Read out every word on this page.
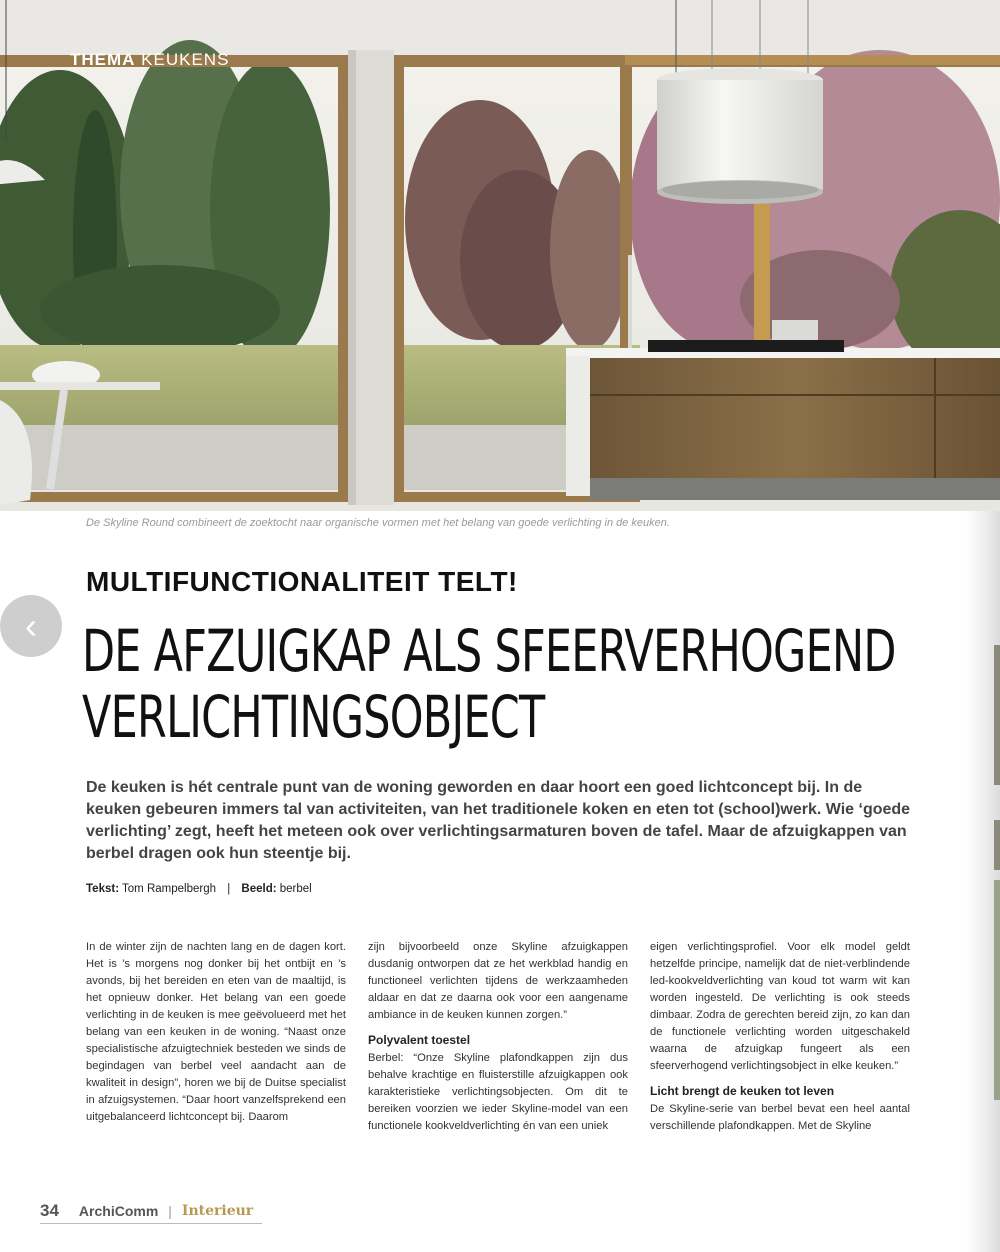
THEMA KEUKENS
De Skyline Round combineert de zoektocht naar organische vormen met het belang van goede verlichting in de keuken.
MULTIFUNCTIONALITEIT TELT!
‹ DE AFZUIGKAP ALS SFEERVERHOGEND
VERLICHTINGSOBJECT
De keuken is hét centrale punt van de woning geworden en daar hoort een goed lichtconcept bij. In de keuken gebeuren immers tal van activiteiten, van het traditionele koken en eten tot (school)werk. Wie ‘goede verlichting’ zegt, heeft het meteen ook over verlichtingsarmaturen boven de tafel. Maar de afzuigkappen van berbel dragen ook hun steentje bij.
Tekst: Tom Rampelbergh | Beeld: berbel

In de winter zijn de nachten lang en de dagen kort. Het is ’s morgens nog donker bij het ontbijt en ’s avonds, bij het bereiden en eten van de maaltijd, is het opnieuw donker. Het belang van een goede verlichting in de keuken is mee geëvolueerd met het belang van een keuken in de woning. “Naast onze specialistische afzuigtechniek besteden we sinds de begindagen van berbel veel aandacht aan de kwaliteit in design”, horen we bij de Duitse specialist in afzuigsystemen. “Daar hoort vanzelfsprekend een uitgebalanceerd lichtconcept bij. Daarom

zijn bijvoorbeeld onze Skyline afzuigkappen dusdanig ontworpen dat ze het werkblad handig en functioneel verlichten tijdens de werkzaamheden aldaar en dat ze daarna ook voor een aangename ambiance in de keuken kunnen zorgen.”

Polyvalent toestel

Berbel: “Onze Skyline plafondkappen zijn dus behalve krachtige en fluisterstille afzuigkappen ook karakteristieke verlichtingsobjecten. Om dit te bereiken voorzien we ieder Skyline-model van een functionele kookveldverlichting én van een uniek

eigen verlichtingsprofiel. Voor elk model geldt hetzelfde principe, namelijk dat de niet-verblindende led-kookveldverlichting van koud tot warm wit kan worden ingesteld. De verlichting is ook steeds dimbaar. Zodra de gerechten bereid zijn, zo kan dan de functionele verlichting worden uitgeschakeld waarna de afzuigkap fungeert als een sfeerverhogend verlichtingsobject in elke keuken.”

Licht brengt de keuken tot leven

De Skyline-serie van berbel bevat een heel aantal verschillende plafondkappen. Met de Skyline

34 ArchiComm | Interieur
